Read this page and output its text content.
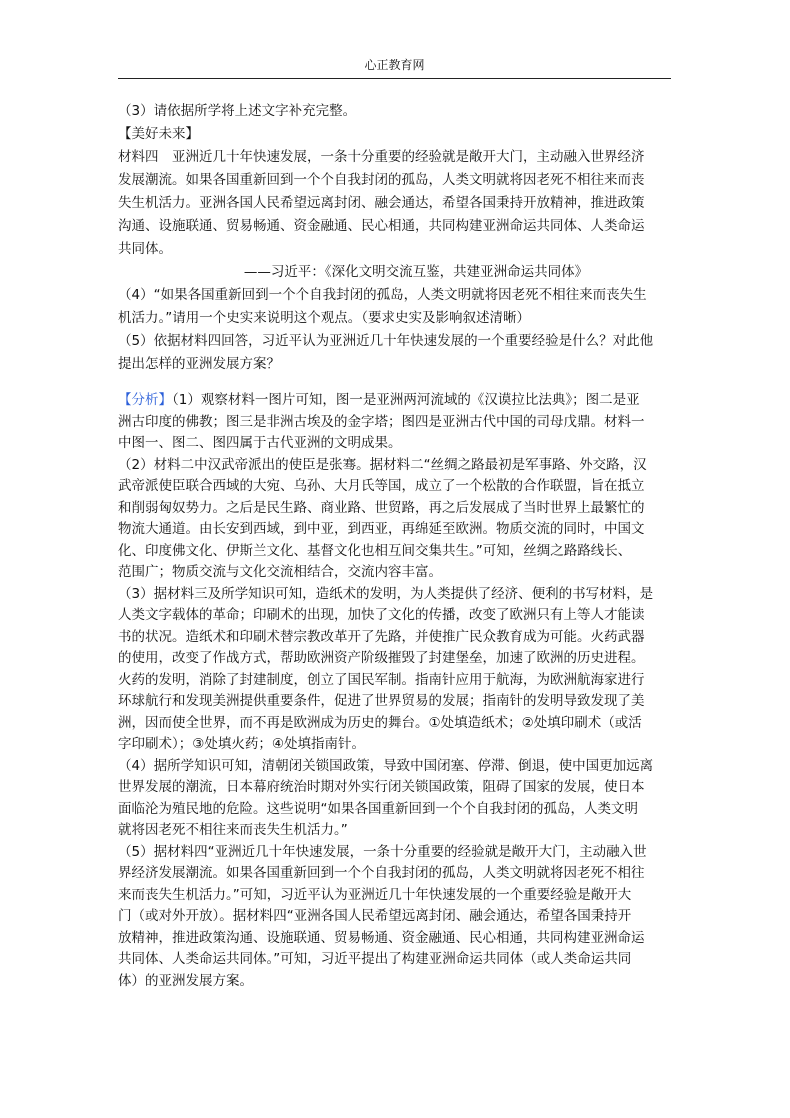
心正教育网

（3）请依据所学将上述文字补充完整。

【美好未来】

材料四　亚洲近几十年快速发展，一条十分重要的经验就是敞开大门，主动融入世界经济

发展潮流。如果各国重新回到一个个自我封闭的孤岛，人类文明就将因老死不相往来而丧

失生机活力。亚洲各国人民希望远离封闭、融会通达，希望各国秉持开放精神，推进政策

沟通、设施联通、贸易畅通、资金融通、民心相通，共同构建亚洲命运共同体、人类命运

共同体。

——习近平：《深化文明交流互鉴，共建亚洲命运共同体》

（4）“如果各国重新回到一个个自我封闭的孤岛，人类文明就将因老死不相往来而丧失生

机活力。”请用一个史实来说明这个观点。（要求史实及影响叙述清晰）

（5）依据材料四回答，习近平认为亚洲近几十年快速发展的一个重要经验是什么？对此他

提出怎样的亚洲发展方案？

【分析】（1）观察材料一图片可知，图一是亚洲两河流域的《汉谟拉比法典》；图二是亚

洲古印度的佛教；图三是非洲古埃及的金字塔；图四是亚洲古代中国的司母戊鼎。材料一

中图一、图二、图四属于古代亚洲的文明成果。

（2）材料二中汉武帝派出的使臣是张骞。据材料二“丝绸之路最初是军事路、外交路，汉

武帝派使臣联合西域的大宛、乌孙、大月氏等国，成立了一个松散的合作联盟，旨在抵立

和削弱匈奴势力。之后是民生路、商业路、世贸路，再之后发展成了当时世界上最繁忙的

物流大通道。由长安到西域，到中亚，到西亚，再绵延至欧洲。物质交流的同时，中国文

化、印度佛文化、伊斯兰文化、基督文化也相互间交集共生。”可知，丝绸之路路线长、

范围广；物质交流与文化交流相结合，交流内容丰富。

（3）据材料三及所学知识可知，造纸术的发明，为人类提供了经济、便利的书写材料，是

人类文字载体的革命；印刷术的出现，加快了文化的传播，改变了欧洲只有上等人才能读

书的状况。造纸术和印刷术替宗教改革开了先路，并使推广民众教育成为可能。火药武器

的使用，改变了作战方式，帮助欧洲资产阶级摧毁了封建堡垒，加速了欧洲的历史进程。

火药的发明，消除了封建制度，创立了国民军制。指南针应用于航海，为欧洲航海家进行

环球航行和发现美洲提供重要条件，促进了世界贸易的发展；指南针的发明导致发现了美

洲，因而使全世界，而不再是欧洲成为历史的舞台。①处填造纸术；②处填印刷术（或活

字印刷术）；③处填火药；④处填指南针。

（4）据所学知识可知，清朝闭关锁国政策，导致中国闭塞、停滞、倒退，使中国更加远离

世界发展的潮流，日本幕府统治时期对外实行闭关锁国政策，阻碍了国家的发展，使日本

面临沦为殖民地的危险。这些说明“如果各国重新回到一个个自我封闭的孤岛，人类文明

就将因老死不相往来而丧失生机活力。”

（5）据材料四“亚洲近几十年快速发展，一条十分重要的经验就是敞开大门，主动融入世

界经济发展潮流。如果各国重新回到一个个自我封闭的孤岛，人类文明就将因老死不相往

来而丧失生机活力。”可知，习近平认为亚洲近几十年快速发展的一个重要经验是敞开大

门（或对外开放）。据材料四“亚洲各国人民希望远离封闭、融会通达，希望各国秉持开

放精神，推进政策沟通、设施联通、贸易畅通、资金融通、民心相通，共同构建亚洲命运

共同体、人类命运共同体。”可知，习近平提出了构建亚洲命运共同体（或人类命运共同

体）的亚洲发展方案。
